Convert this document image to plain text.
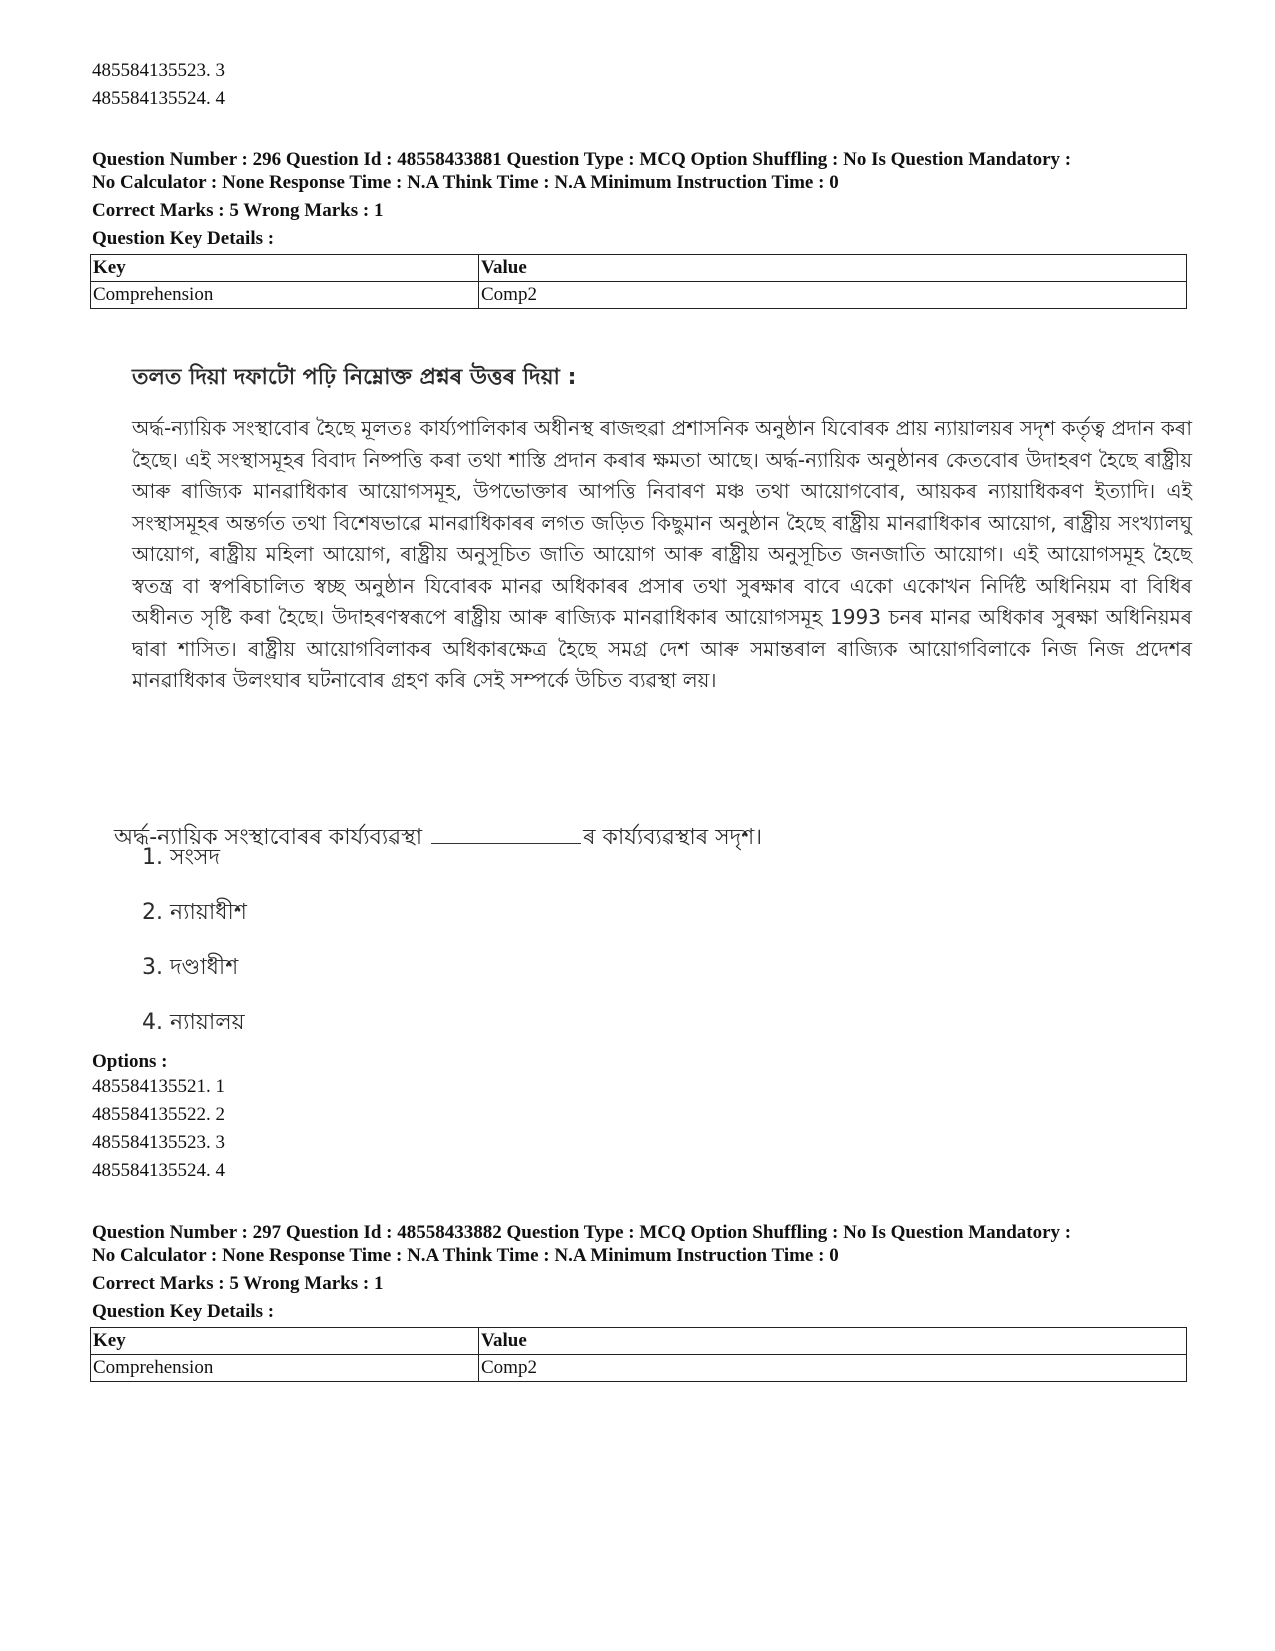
485584135523. 3
485584135524. 4
Question Number : 296 Question Id : 48558433881 Question Type : MCQ Option Shuffling : No Is Question Mandatory :
No Calculator : None Response Time : N.A Think Time : N.A Minimum Instruction Time : 0
Correct Marks : 5 Wrong Marks : 1
Question Key Details :
Key	Value
Comprehension	Comp2
তলত দিয়া দফাটো পঢ়ি নিম্নোক্ত প্ৰশ্নৰ উত্তৰ দিয়া :
অৰ্দ্ধ-ন্যায়িক সংস্থাবোৰ হৈছে মূলতঃ কাৰ্য্যপালিকাৰ অধীনস্থ ৰাজহুৱা প্ৰশাসনিক অনুষ্ঠান যিবোৰক প্ৰায় ন্যায়ালয়ৰ সদৃশ কৰ্তৃত্ব প্ৰদান কৰা হৈছে। এই সংস্থাসমূহৰ বিবাদ নিষ্পত্তি কৰা তথা শাস্তি প্ৰদান কৰাৰ ক্ষমতা আছে। অৰ্দ্ধ-ন্যায়িক অনুষ্ঠানৰ কেতবোৰ উদাহৰণ হৈছে ৰাষ্ট্ৰীয় আৰু ৰাজ্যিক মানৱাধিকাৰ আয়োগসমূহ, উপভোক্তাৰ আপত্তি নিবাৰণ মঞ্চ তথা আয়োগবোৰ, আয়কৰ ন্যায়াধিকৰণ ইত্যাদি। এই সংস্থাসমূহৰ অন্তৰ্গত তথা বিশেষভাৱে মানৱাধিকাৰৰ লগত জড়িত কিছুমান অনুষ্ঠান হৈছে ৰাষ্ট্ৰীয় মানৱাধিকাৰ আয়োগ, ৰাষ্ট্ৰীয় সংখ্যালঘু আয়োগ, ৰাষ্ট্ৰীয় মহিলা আয়োগ, ৰাষ্ট্ৰীয় অনুসূচিত জাতি আয়োগ আৰু ৰাষ্ট্ৰীয় অনুসূচিত জনজাতি আয়োগ। এই আয়োগসমূহ হৈছে স্বতন্ত্ৰ বা স্বপৰিচালিত স্বচ্ছ অনুষ্ঠান যিবোৰক মানৱ অধিকাৰৰ প্ৰসাৰ তথা সুৰক্ষাৰ বাবে একো একোখন নিৰ্দিষ্ট অধিনিয়ম বা বিধিৰ অধীনত সৃষ্টি কৰা হৈছে। উদাহৰণস্বৰূপে ৰাষ্ট্ৰীয় আৰু ৰাজ্যিক মানৱাধিকাৰ আয়োগসমূহ 1993 চনৰ মানৱ অধিকাৰ সুৰক্ষা অধিনিয়মৰ দ্বাৰা শাসিত। ৰাষ্ট্ৰীয় আয়োগবিলাকৰ অধিকাৰক্ষেত্ৰ হৈছে সমগ্ৰ দেশ আৰু সমান্তৰাল ৰাজ্যিক আয়োগবিলাকে নিজ নিজ প্ৰদেশৰ মানৱাধিকাৰ উলংঘাৰ ঘটনাবোৰ গ্ৰহণ কৰি সেই সম্পৰ্কে উচিত ব্যৱস্থা লয়।
অৰ্দ্ধ-ন্যায়িক সংস্থাবোৰৰ কাৰ্য্যব্যৱস্থা	ৰ কাৰ্য্যব্যৱস্থাৰ সদৃশ।
1. সংসদ
2. ন্যায়াধীশ
3. দণ্ডাধীশ
4. ন্যায়ালয়
Options :
485584135521. 1
485584135522. 2
485584135523. 3
485584135524. 4
Question Number : 297 Question Id : 48558433882 Question Type : MCQ Option Shuffling : No Is Question Mandatory :
No Calculator : None Response Time : N.A Think Time : N.A Minimum Instruction Time : 0
Correct Marks : 5 Wrong Marks : 1
Question Key Details :
Key	Value
Comprehension	Comp2
